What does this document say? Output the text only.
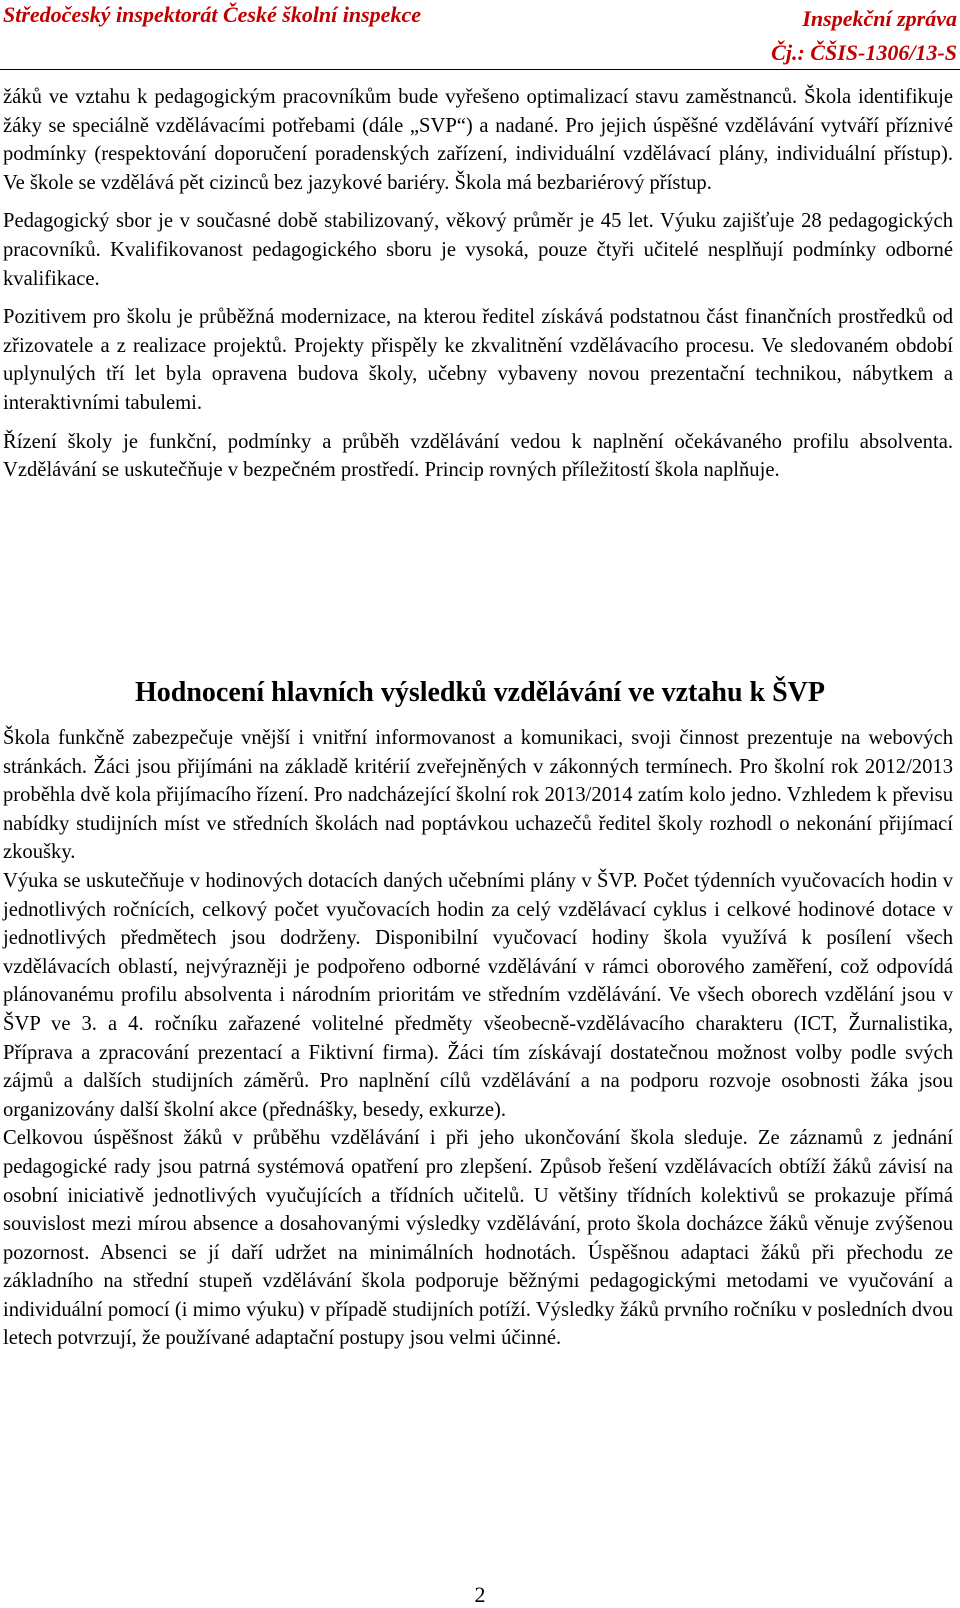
Středočeský inspektorát České školní inspekce	Inspekční zpráva
Čj.: ČŠIS-1306/13-S

žáků ve vztahu k pedagogickým pracovníkům bude vyřešeno optimalizací stavu zaměstnanců. Škola identifikuje žáky se speciálně vzdělávacími potřebami (dále „SVP“) a nadané. Pro jejich úspěšné vzdělávání vytváří příznivé podmínky (respektování doporučení poradenských zařízení, individuální vzdělávací plány, individuální přístup). Ve škole se vzdělává pět cizinců bez jazykové bariéry. Škola má bezbariérový přístup.

Pedagogický sbor je v současné době stabilizovaný, věkový průměr je 45 let. Výuku zajišťuje 28 pedagogických pracovníků. Kvalifikovanost pedagogického sboru je vysoká, pouze čtyři učitelé nesplňují podmínky odborné kvalifikace.

Pozitivem pro školu je průběžná modernizace, na kterou ředitel získává podstatnou část finančních prostředků od zřizovatele a z realizace projektů. Projekty přispěly ke zkvalitnění vzdělávacího procesu. Ve sledovaném období uplynulých tří let byla opravena budova školy, učebny vybaveny novou prezentační technikou, nábytkem a interaktivními tabulemi.

Řízení školy je funkční, podmínky a průběh vzdělávání vedou k naplnění očekávaného profilu absolventa. Vzdělávání se uskutečňuje v bezpečném prostředí. Princip rovných příležitostí škola naplňuje.

Hodnocení hlavních výsledků vzdělávání ve vztahu k ŠVP

Škola funkčně zabezpečuje vnější i vnitřní informovanost a komunikaci, svoji činnost prezentuje na webových stránkách. Žáci jsou přijímáni na základě kritérií zveřejněných v zákonných termínech. Pro školní rok 2012/2013 proběhla dvě kola přijímacího řízení. Pro nadcházející školní rok 2013/2014 zatím kolo jedno. Vzhledem k převisu nabídky studijních míst ve středních školách nad poptávkou uchazečů ředitel školy rozhodl o nekonání přijímací zkoušky.

Výuka se uskutečňuje v hodinových dotacích daných učebními plány v ŠVP. Počet týdenních vyučovacích hodin v jednotlivých ročnících, celkový počet vyučovacích hodin za celý vzdělávací cyklus i celkové hodinové dotace v jednotlivých předmětech jsou dodrženy. Disponibilní vyučovací hodiny škola využívá k posílení všech vzdělávacích oblastí, nejvýrazněji je podpořeno odborné vzdělávání v rámci oborového zaměření, což odpovídá plánovanému profilu absolventa i národním prioritám ve středním vzdělávání. Ve všech oborech vzdělání jsou v ŠVP ve 3. a 4. ročníku zařazené volitelné předměty všeobecně-vzdělávacího charakteru (ICT, Žurnalistika, Příprava a zpracování prezentací a Fiktivní firma). Žáci tím získávají dostatečnou možnost volby podle svých zájmů a dalších studijních záměrů. Pro naplnění cílů vzdělávání a na podporu rozvoje osobnosti žáka jsou organizovány další školní akce (přednášky, besedy, exkurze).

Celkovou úspěšnost žáků v průběhu vzdělávání i při jeho ukončování škola sleduje. Ze záznamů z jednání pedagogické rady jsou patrná systémová opatření pro zlepšení. Způsob řešení vzdělávacích obtíží žáků závisí na osobní iniciativě jednotlivých vyučujících a třídních učitelů. U většiny třídních kolektivů se prokazuje přímá souvislost mezi mírou absence a dosahovanými výsledky vzdělávání, proto škola docházce žáků věnuje zvýšenou pozornost. Absenci se jí daří udržet na minimálních hodnotách. Úspěšnou adaptaci žáků při přechodu ze základního na střední stupeň vzdělávání škola podporuje běžnými pedagogickými metodami ve vyučování a individuální pomocí (i mimo výuku) v případě studijních potíží. Výsledky žáků prvního ročníku v posledních dvou letech potvrzují, že používané adaptační postupy jsou velmi účinné.

2
